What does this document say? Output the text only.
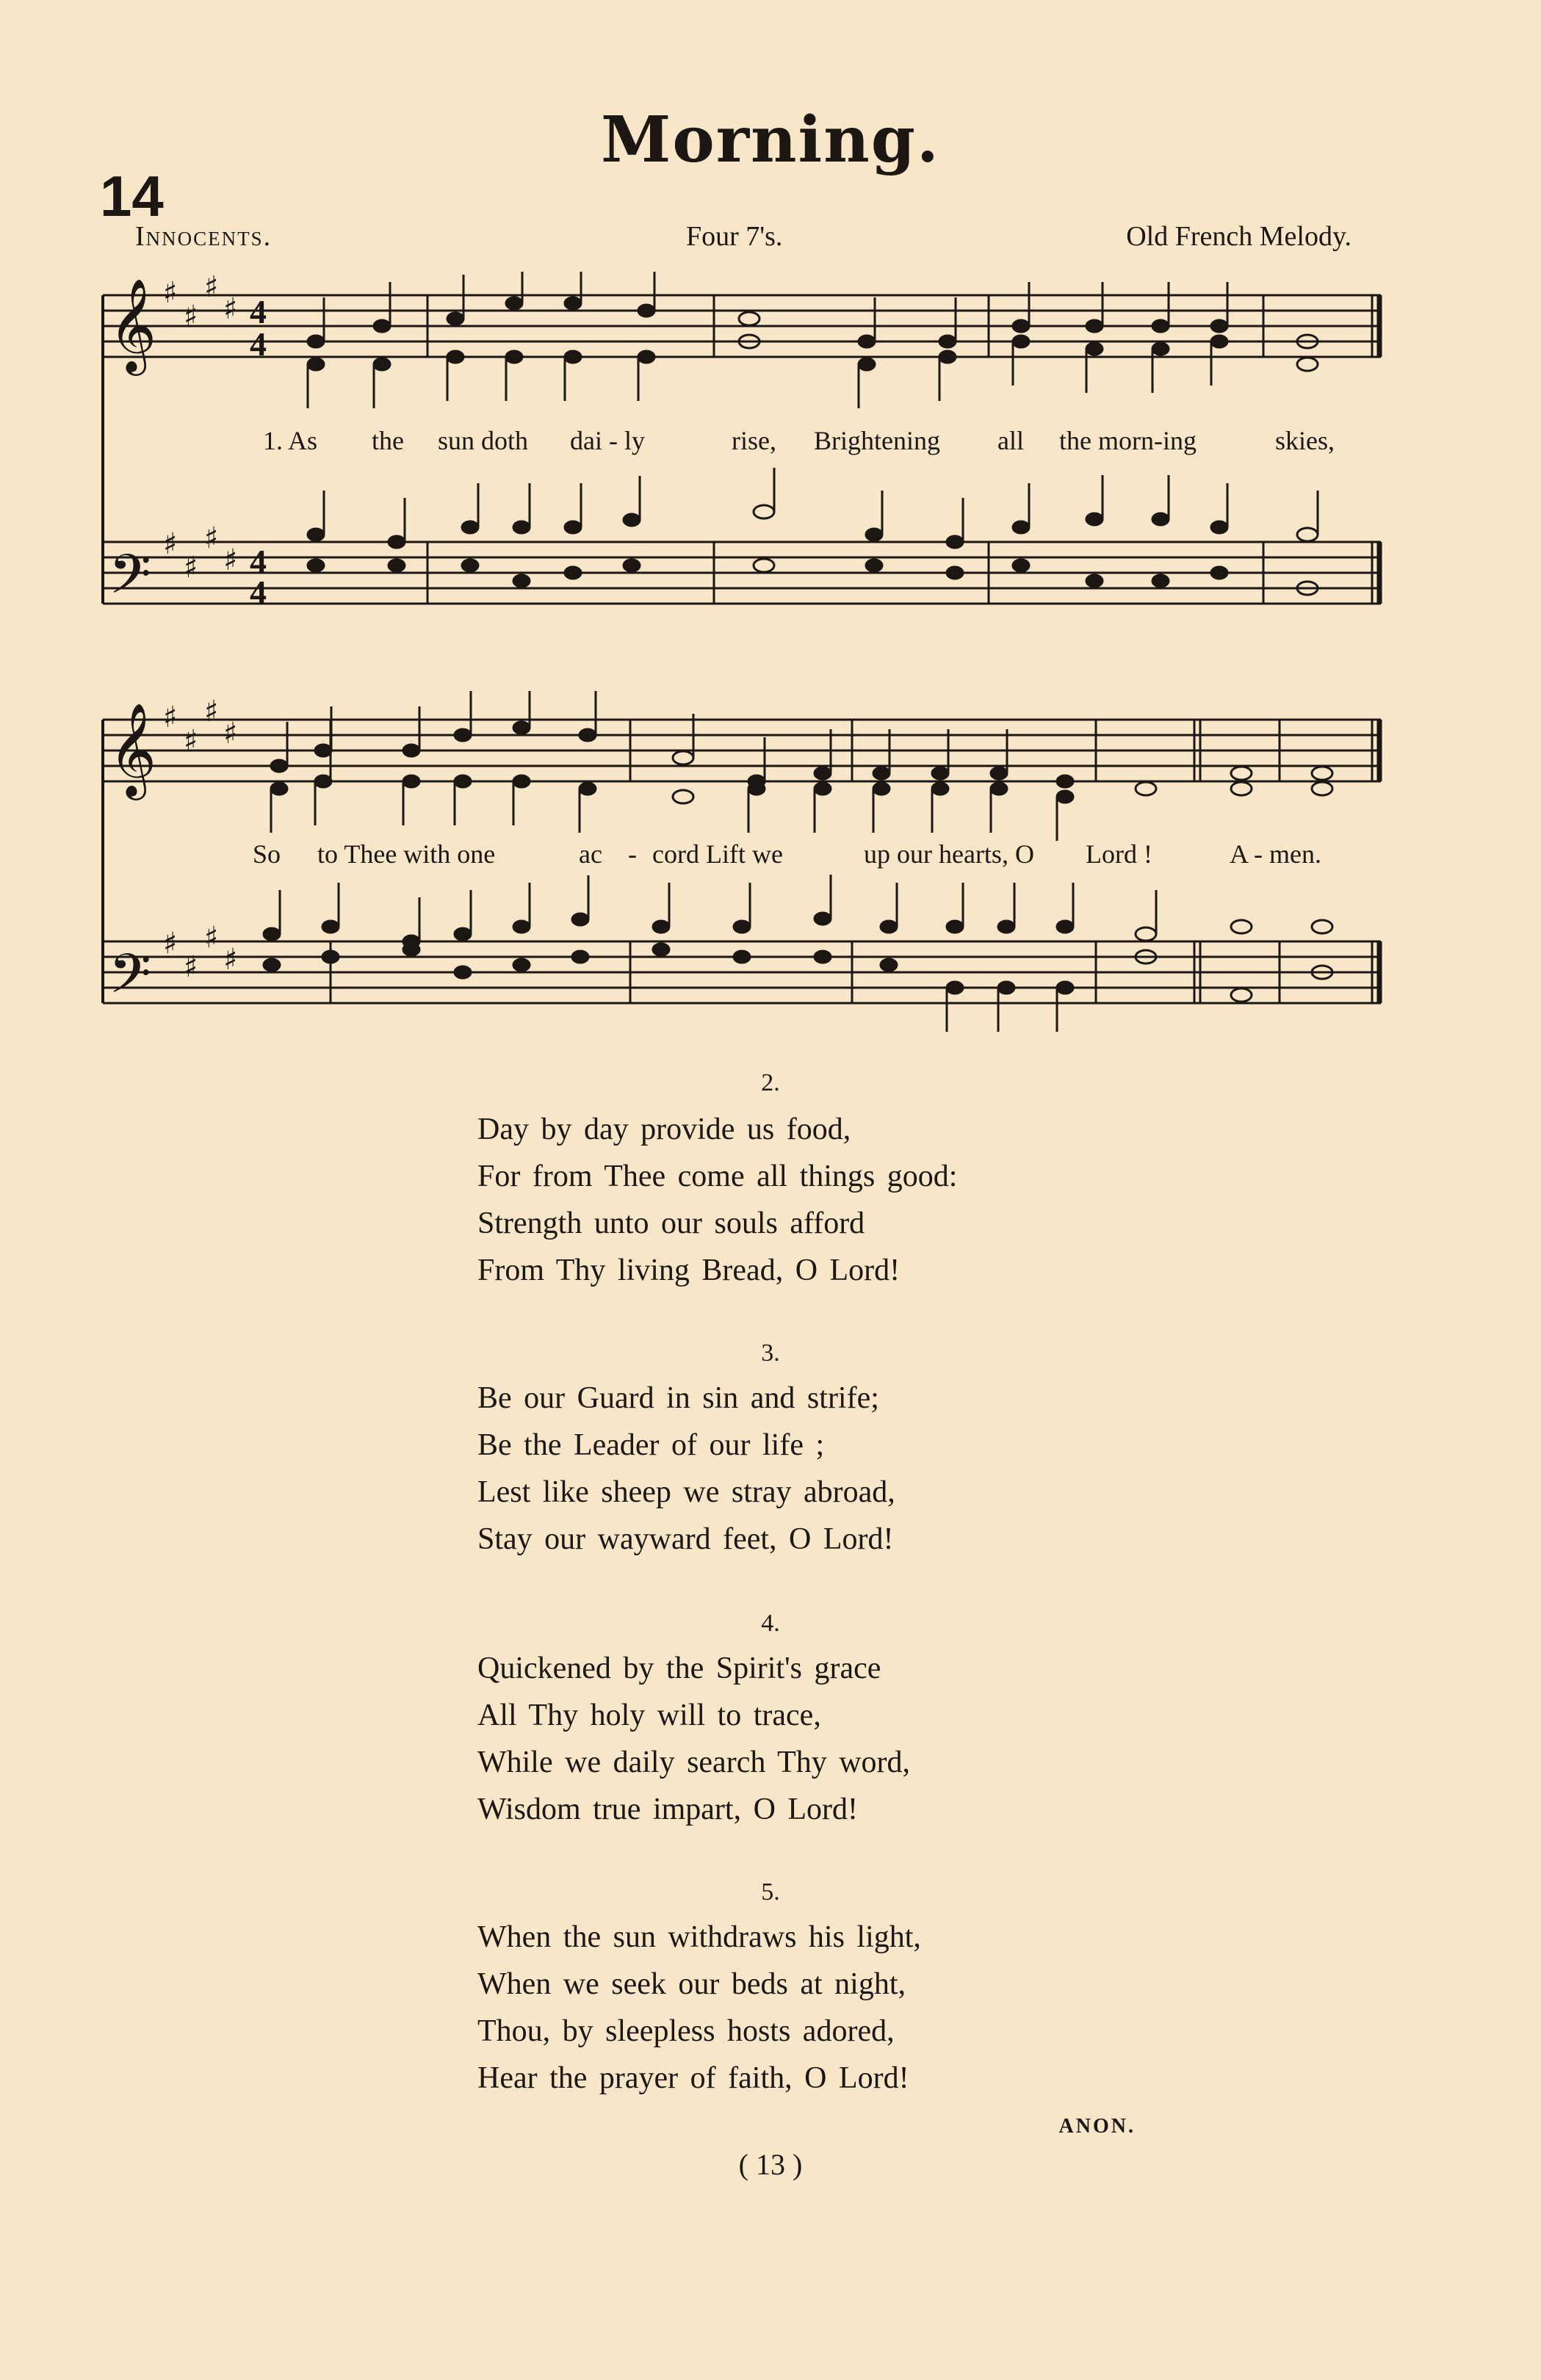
Morning.
14
Innocents.	Four 7's.	Old French Melody.
𝄞
𝄢
𝄞
𝄢
♯
♯
♯
♯
♯
♯
♯
♯
♯
♯
♯
♯
♯
♯
♯
♯
4
4
4
4
1. As the sun doth dai - ly	rise, Brightening all the morn-ing	skies,
So to Thee with one	ac - cord Lift we	up our hearts, O Lord !	A - men.
2.
Day by day provide us food,
For from Thee come all things good:
Strength unto our souls afford
From Thy living Bread, O Lord!
3.
Be our Guard in sin and strife;
Be the Leader of our life ;
Lest like sheep we stray abroad,
Stay our wayward feet, O Lord!
4.
Quickened by the Spirit's grace
All Thy holy will to trace,
While we daily search Thy word,
Wisdom true impart, O Lord!
5.
When the sun withdraws his light,
When we seek our beds at night,
Thou, by sleepless hosts adored,
Hear the prayer of faith, O Lord!
ANON.
( 13 )
